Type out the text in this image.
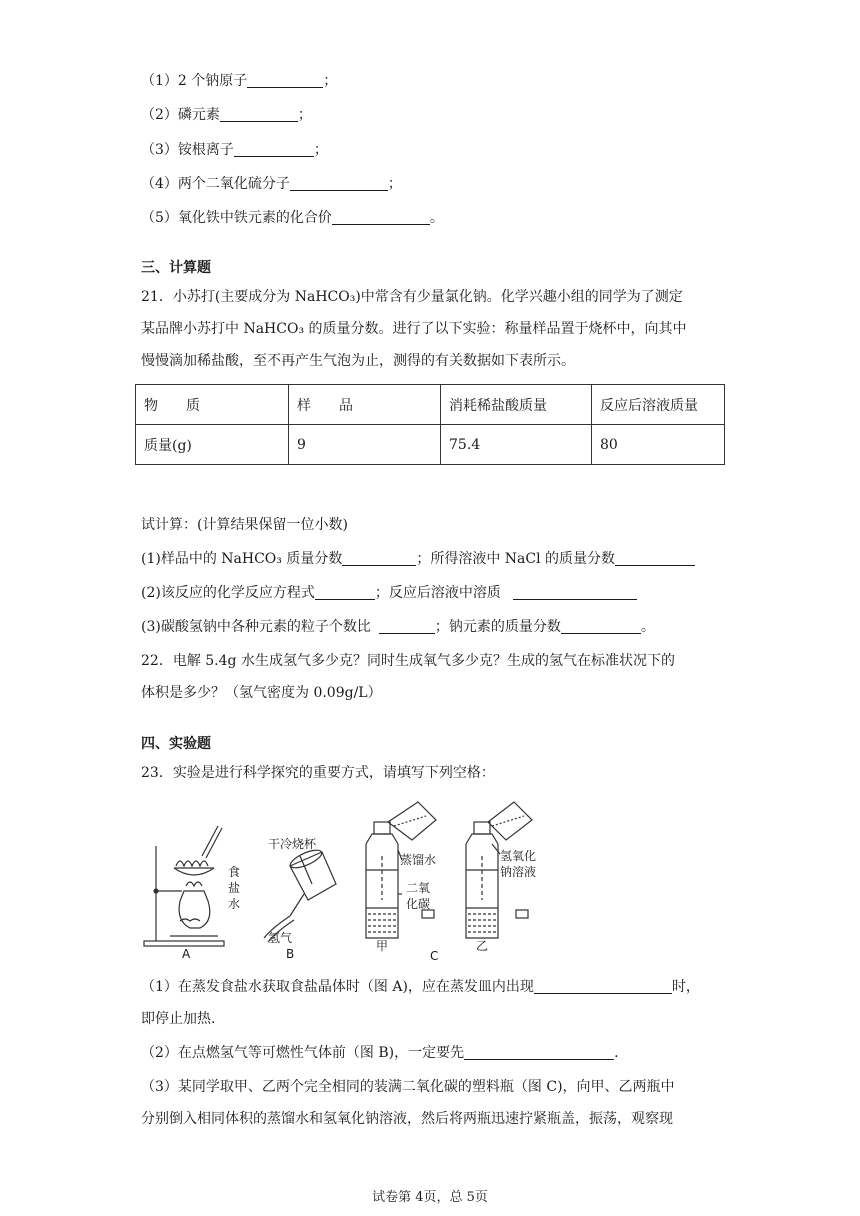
（1）2 个钠原子	；
（2）磷元素	；
（3）铵根离子	；
（4）两个二氧化硫分子	；
（5）氧化铁中铁元素的化合价	。
三、计算题
21．小苏打(主要成分为 NaHCO₃)中常含有少量氯化钠。化学兴趣小组的同学为了测定
某品牌小苏打中 NaHCO₃ 的质量分数。进行了以下实验：称量样品置于烧杯中，向其中
慢慢滴加稀盐酸，至不再产生气泡为止，测得的有关数据如下表所示。
物　　质	样　　品	消耗稀盐酸质量	反应后溶液质量
质量(g)	9	75.4	80
试计算：(计算结果保留一位小数)
(1)样品中的 NaHCO₃ 质量分数	；所得溶液中 NaCl 的质量分数
(2)该反应的化学反应方程式	；反应后溶液中溶质
(3)碳酸氢钠中各种元素的粒子个数比	；钠元素的质量分数	。
22．电解 5.4g 水生成氢气多少克？同时生成氧气多少克？生成的氢气在标准状况下的
体积是多少？（氢气密度为 0.09g/L）
四、实验题
23．实验是进行科学探究的重要方式，请填写下列空格：
食
盐
水
A
干冷烧杯
氢气
B
蒸馏水
二氧
化碳
氢氧化
钠溶液
甲	乙
C
（1）在蒸发食盐水获取食盐晶体时（图 A)，应在蒸发皿内出现	时，
即停止加热.
（2）在点燃氢气等可燃性气体前（图 B)，一定要先	.
（3）某同学取甲、乙两个完全相同的装满二氧化碳的塑料瓶（图 C)，向甲、乙两瓶中
分别倒入相同体积的蒸馏水和氢氧化钠溶液，然后将两瓶迅速拧紧瓶盖，振荡，观察现
试卷第 4页，总 5页
